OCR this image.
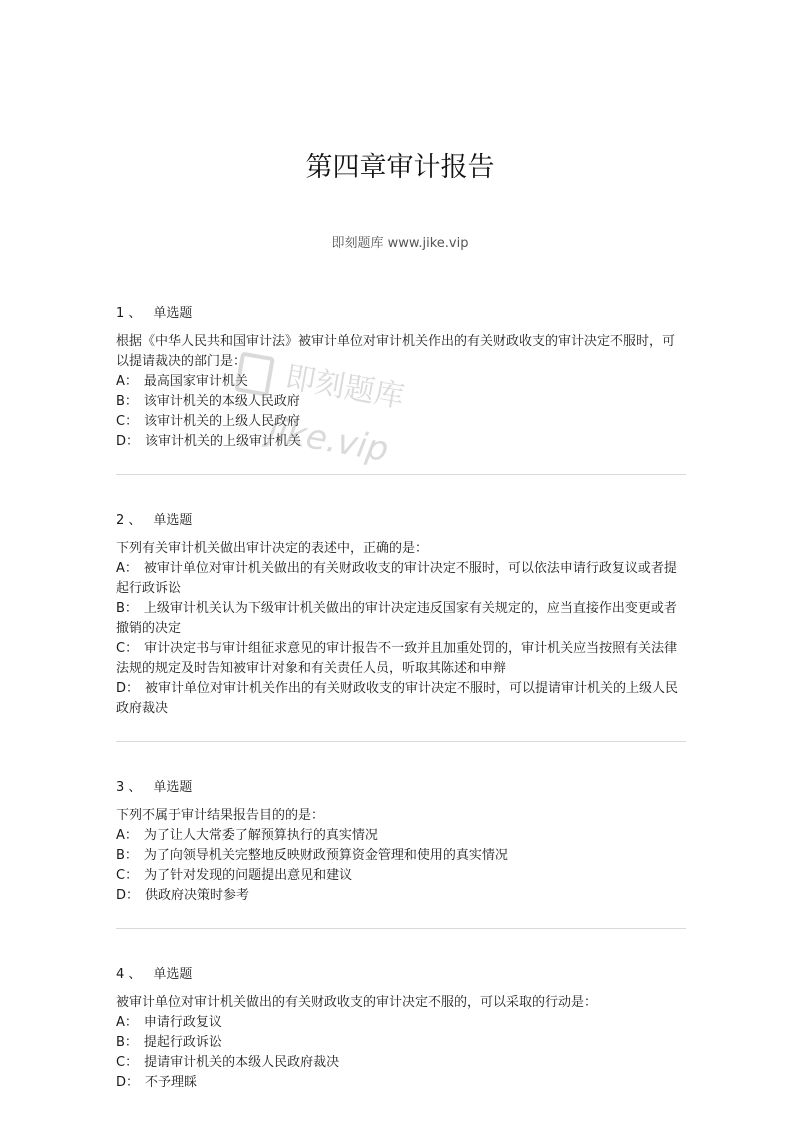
第四章审计报告
即刻题库 www.jike.vip
1 、 单选题

根据《中华人民共和国审计法》被审计单位对审计机关作出的有关财政收支的审计决定不服时，可以提请裁决的部门是：

A： 最高国家审计机关

B： 该审计机关的本级人民政府

C： 该审计机关的上级人民政府

D： 该审计机关的上级审计机关

2 、 单选题

下列有关审计机关做出审计决定的表述中，正确的是：

A： 被审计单位对审计机关做出的有关财政收支的审计决定不服时，可以依法申请行政复议或者提起行政诉讼

B： 上级审计机关认为下级审计机关做出的审计决定违反国家有关规定的，应当直接作出变更或者撤销的决定

C： 审计决定书与审计组征求意见的审计报告不一致并且加重处罚的，审计机关应当按照有关法律法规的规定及时告知被审计对象和有关责任人员，听取其陈述和申辩

D： 被审计单位对审计机关作出的有关财政收支的审计决定不服时，可以提请审计机关的上级人民政府裁决

3 、 单选题

下列不属于审计结果报告目的的是：

A： 为了让人大常委了解预算执行的真实情况

B： 为了向领导机关完整地反映财政预算资金管理和使用的真实情况

C： 为了针对发现的问题提出意见和建议

D： 供政府决策时参考

4 、 单选题

被审计单位对审计机关做出的有关财政收支的审计决定不服的，可以采取的行动是：

A： 申请行政复议

B： 提起行政诉讼

C： 提请审计机关的本级人民政府裁决

D： 不予理睬

即刻题库
jike.vip
